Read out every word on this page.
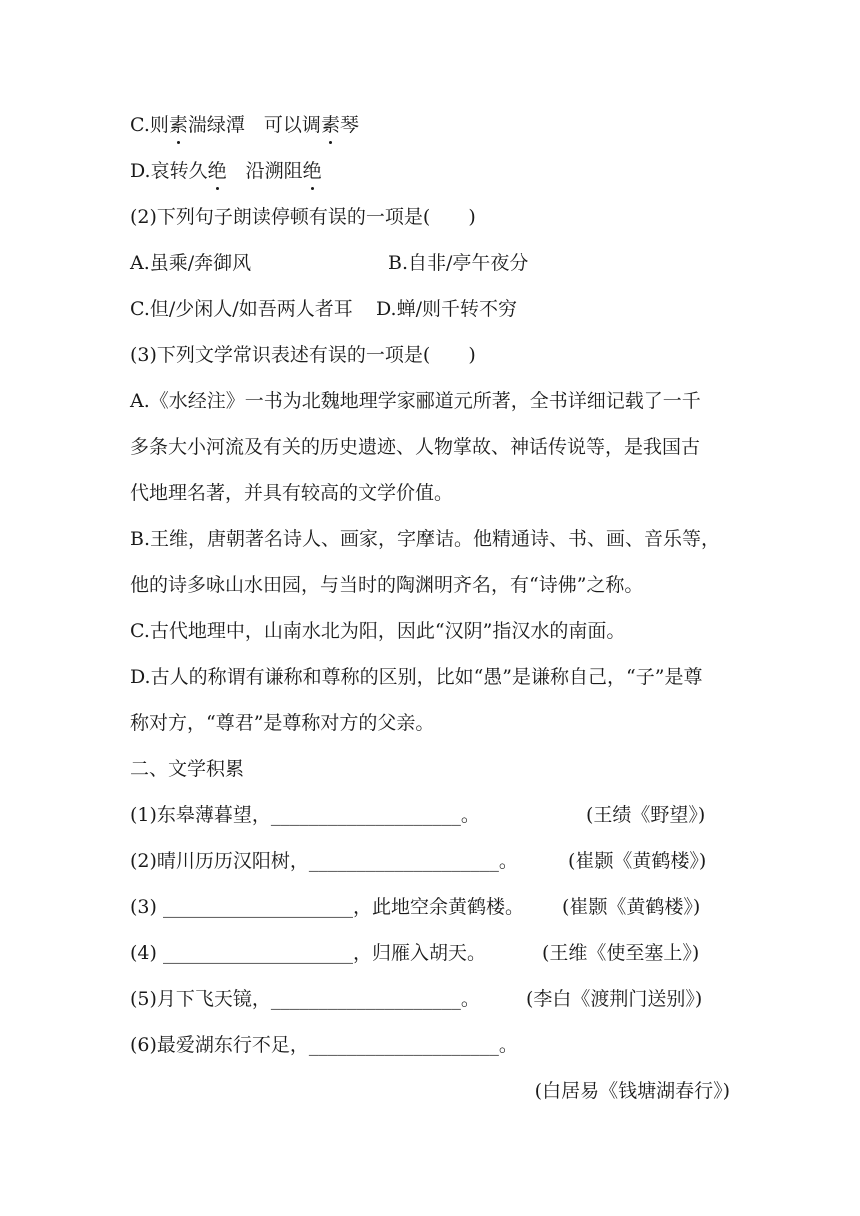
C.则素湍绿潭　可以调素琴
D.哀转久绝　沿溯阻绝
(2)下列句子朗读停顿有误的一项是(　　)
A.虽乘/奔御风	B.自非/亭午夜分
C.但/少闲人/如吾两人者耳 D.蝉/则千转不穷
(3)下列文学常识表述有误的一项是(　　)
A.《水经注》一书为北魏地理学家郦道元所著，全书详细记载了一千
多条大小河流及有关的历史遗迹、人物掌故、神话传说等，是我国古
代地理名著，并具有较高的文学价值。
B.王维，唐朝著名诗人、画家，字摩诘。他精通诗、书、画、音乐等，
他的诗多咏山水田园，与当时的陶渊明齐名，有“诗佛”之称。
C.古代地理中，山南水北为阳，因此“汉阴”指汉水的南面。
D.古人的称谓有谦称和尊称的区别，比如“愚”是谦称自己，“子”是尊
称对方，“尊君”是尊称对方的父亲。
二、文学积累
(1)东皋薄暮望，____________________。	(王绩《野望》)
(2)晴川历历汉阳树，____________________。	(崔颢《黄鹤楼》)
(3) ____________________，此地空余黄鹤楼。 (崔颢《黄鹤楼》)
(4) ____________________，归雁入胡天。	(王维《使至塞上》)
(5)月下飞天镜，____________________。 (李白《渡荆门送别》)
(6)最爱湖东行不足，____________________。
(白居易《钱塘湖春行》)
